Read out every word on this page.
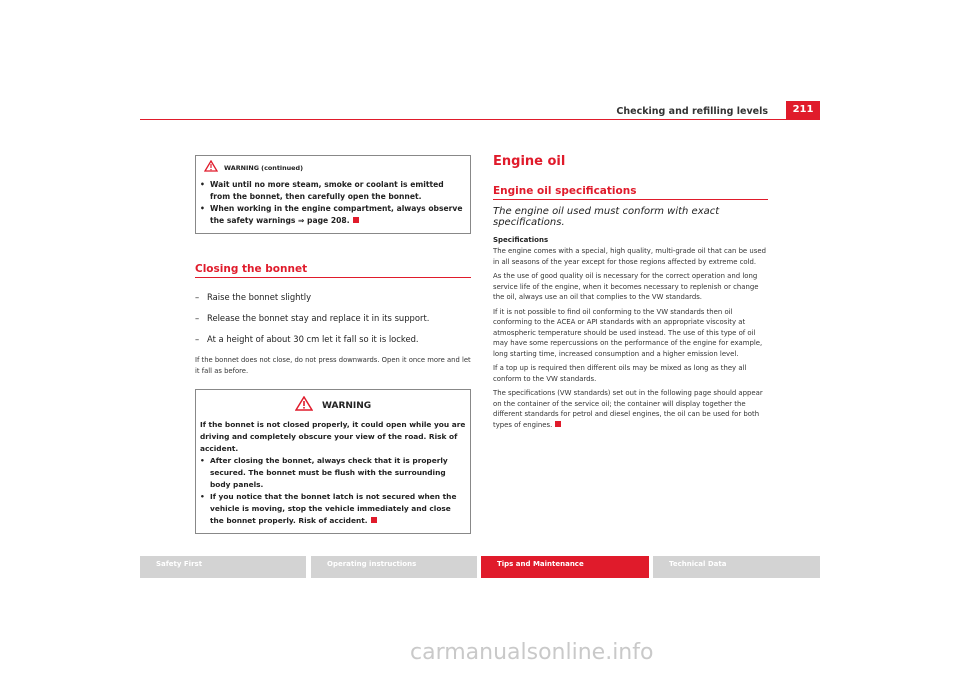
Checking and refilling levels	211
WARNING (continued)
• Wait until no more steam, smoke or coolant is emitted from the bonnet, then carefully open the bonnet.
• When working in the engine compartment, always observe the safety warnings ⇒ page 208.
Closing the bonnet
– Raise the bonnet slightly
– Release the bonnet stay and replace it in its support.
– At a height of about 30 cm let it fall so it is locked.
If the bonnet does not close, do not press downwards. Open it once more and let it fall as before.
WARNING
If the bonnet is not closed properly, it could open while you are driving and completely obscure your view of the road. Risk of accident.
• After closing the bonnet, always check that it is properly secured. The bonnet must be flush with the surrounding body panels.
• If you notice that the bonnet latch is not secured when the vehicle is moving, stop the vehicle immediately and close the bonnet properly. Risk of accident.
Engine oil
Engine oil specifications

The engine oil used must conform with exact specifications.

Specifications

The engine comes with a special, high quality, multi-grade oil that can be used in all seasons of the year except for those regions affected by extreme cold.

As the use of good quality oil is necessary for the correct operation and long service life of the engine, when it becomes necessary to replenish or change the oil, always use an oil that complies to the VW standards.

If it is not possible to find oil conforming to the VW standards then oil conforming to the ACEA or API standards with an appropriate viscosity at atmospheric temperature should be used instead. The use of this type of oil may have some repercussions on the performance of the engine for example, long starting time, increased consumption and a higher emission level.

If a top up is required then different oils may be mixed as long as they all conform to the VW standards.

The specifications (VW standards) set out in the following page should appear on the container of the service oil; the container will display together the different standards for petrol and diesel engines, the oil can be used for both types of engines.

Safety First	Operating instructions	Tips and Maintenance	Technical Data
carmanualsonline.info
